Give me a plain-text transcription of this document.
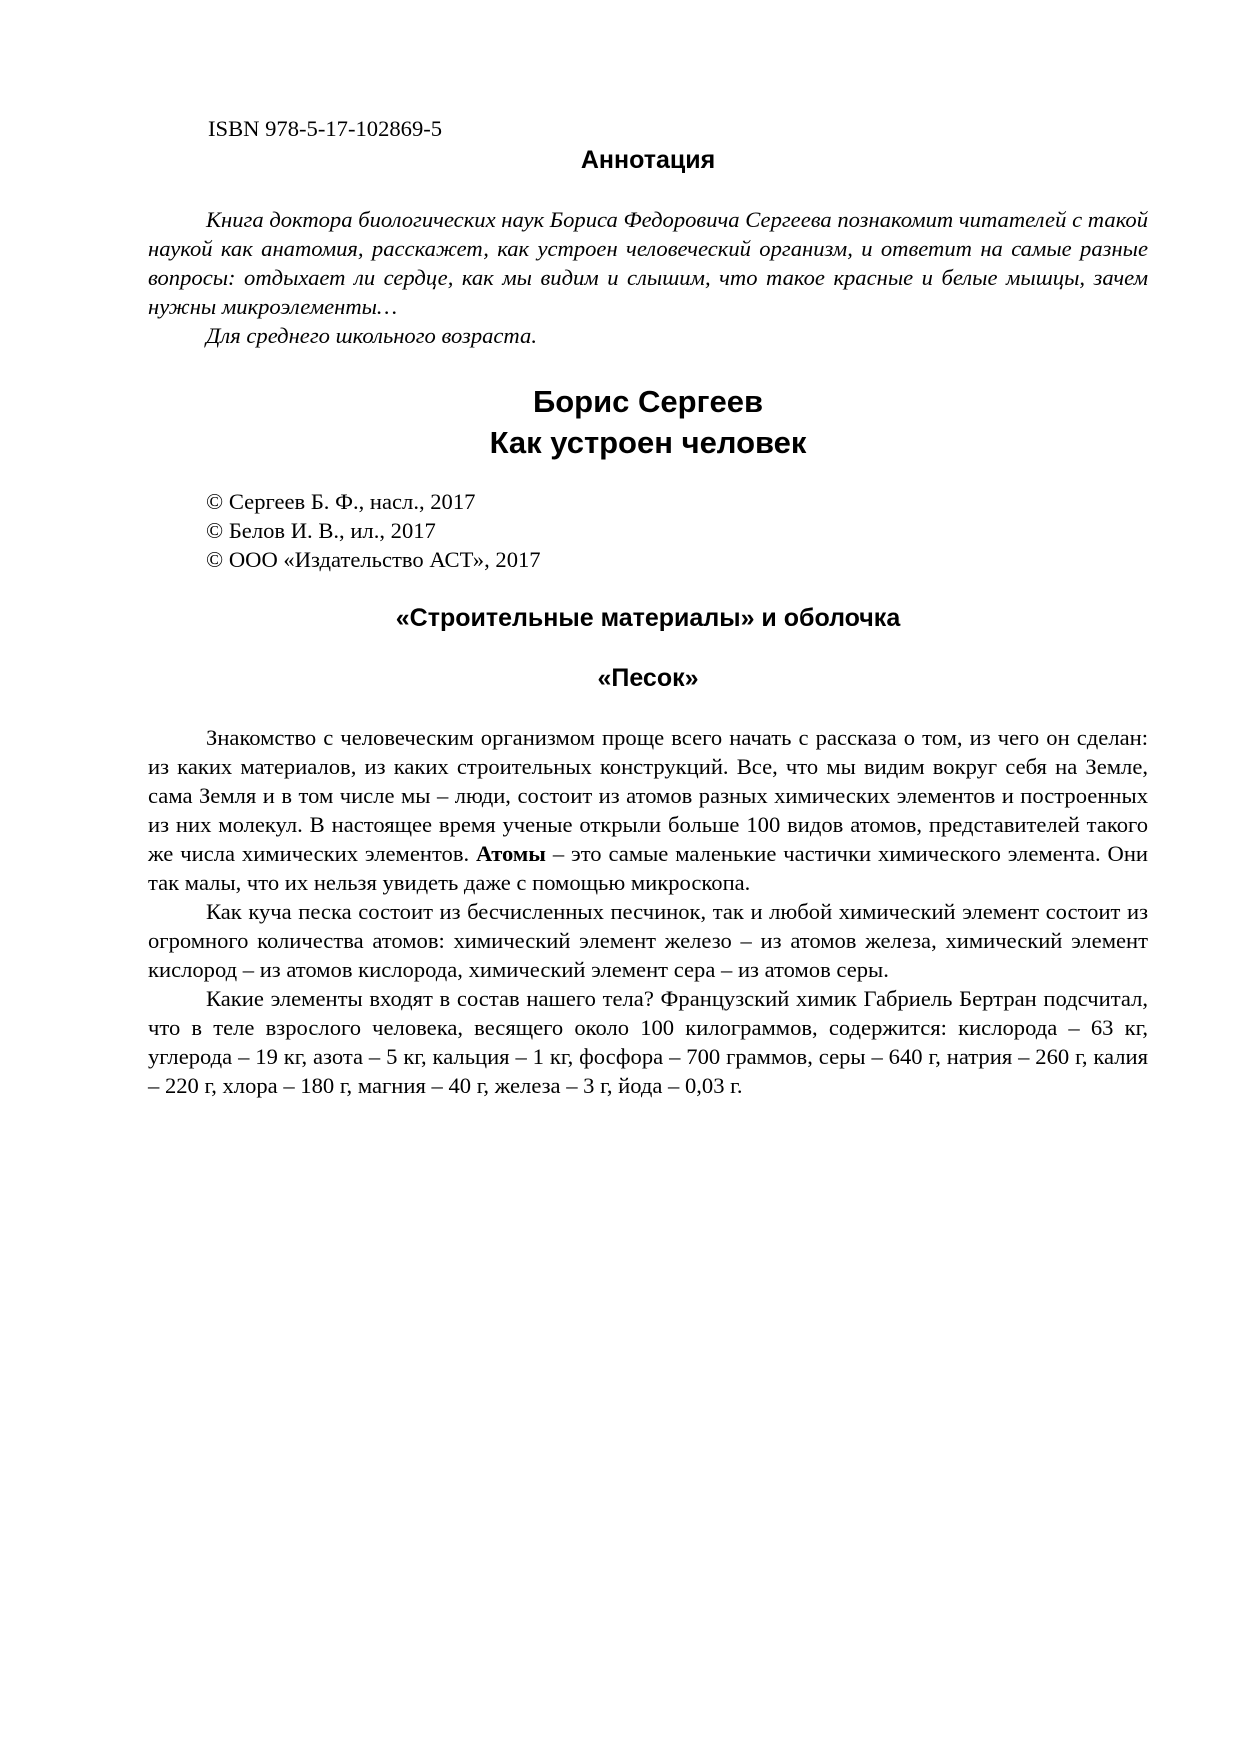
ISBN 978-5-17-102869-5
Аннотация

Книга доктора биологических наук Бориса Федоровича Сергеева познакомит читателей с такой наукой как анатомия, расскажет, как устроен человеческий организм, и ответит на самые разные вопросы: отдыхает ли сердце, как мы видим и слышим, что такое красные и белые мышцы, зачем нужны микроэлементы…

Для среднего школьного возраста.

Борис Сергеев
Как устроен человек
© Сергеев Б. Ф., насл., 2017
© Белов И. В., ил., 2017
© ООО «Издательство АСТ», 2017
«Строительные материалы» и оболочка
«Песок»

Знакомство с человеческим организмом проще всего начать с рассказа о том, из чего он сделан: из каких материалов, из каких строительных конструкций. Все, что мы видим вокруг себя на Земле, сама Земля и в том числе мы – люди, состоит из атомов разных химических элементов и построенных из них молекул. В настоящее время ученые открыли больше 100 видов атомов, представителей такого же числа химических элементов. Атомы – это самые маленькие частички химического элемента. Они так малы, что их нельзя увидеть даже с помощью микроскопа.

Как куча песка состоит из бесчисленных песчинок, так и любой химический элемент состоит из огромного количества атомов: химический элемент железо – из атомов железа, химический элемент кислород – из атомов кислорода, химический элемент сера – из атомов серы.

Какие элементы входят в состав нашего тела? Французский химик Габриель Бертран подсчитал, что в теле взрослого человека, весящего около 100 килограммов, содержится: кислорода – 63 кг, углерода – 19 кг, азота – 5 кг, кальция – 1 кг, фосфора – 700 граммов, серы – 640 г, натрия – 260 г, калия – 220 г, хлора – 180 г, магния – 40 г, железа – 3 г, йода – 0,03 г.
